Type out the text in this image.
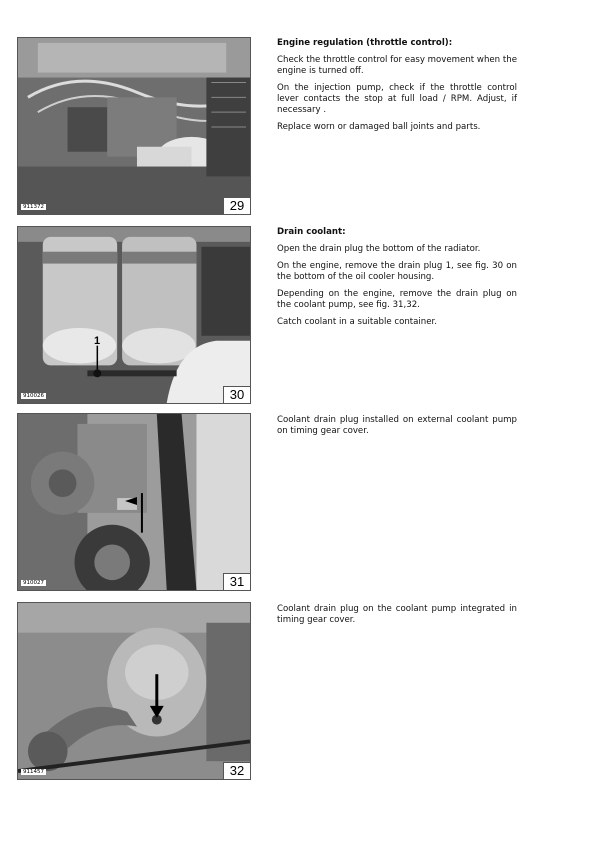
911372	29

Engine regulation (throttle control):

Check the throttle control for easy movement when the engine is turned off.

On the injection pump, check if the throttle control lever contacts the stop at full load / RPM. Adjust, if necessary .

Replace worn or damaged ball joints and parts.

1
910026	30

Drain coolant:

Open the drain plug the bottom of the radiator.

On the engine, remove the drain plug 1, see fig. 30 on the bottom of the oil cooler housing.

Depending on the engine, remove the drain plug on the coolant pump, see fig. 31,32.

Catch coolant in a suitable container.

910027	31

Coolant drain plug installed on external coolant pump on timing gear cover.

911457	32

Coolant drain plug on the coolant pump integrated in timing gear cover.
